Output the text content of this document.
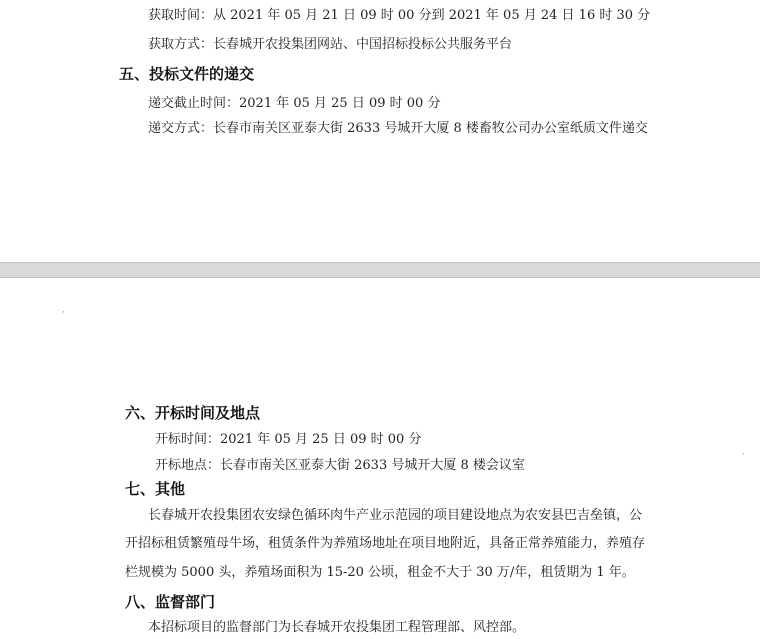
获取时间：从 2021 年 05 月 21 日 09 时 00 分到 2021 年 05 月 24 日 16 时 30 分
获取方式：长春城开农投集团网站、中国招标投标公共服务平台
五、投标文件的递交
递交截止时间：2021 年 05 月 25 日 09 时 00 分
递交方式：长春市南关区亚泰大街 2633 号城开大厦 8 楼畜牧公司办公室纸质文件递交
·
·
六、开标时间及地点
开标时间：2021 年 05 月 25 日 09 时 00 分
开标地点：长春市南关区亚泰大街 2633 号城开大厦 8 楼会议室
七、其他
长春城开农投集团农安绿色循环肉牛产业示范园的项目建设地点为农安县巴吉垒镇，公
开招标租赁繁殖母牛场，租赁条件为养殖场地址在项目地附近，具备正常养殖能力，养殖存
栏规模为 5000 头，养殖场面积为 15-20 公顷，租金不大于 30 万/年，租赁期为 1 年。
八、监督部门
本招标项目的监督部门为长春城开农投集团工程管理部、风控部。
